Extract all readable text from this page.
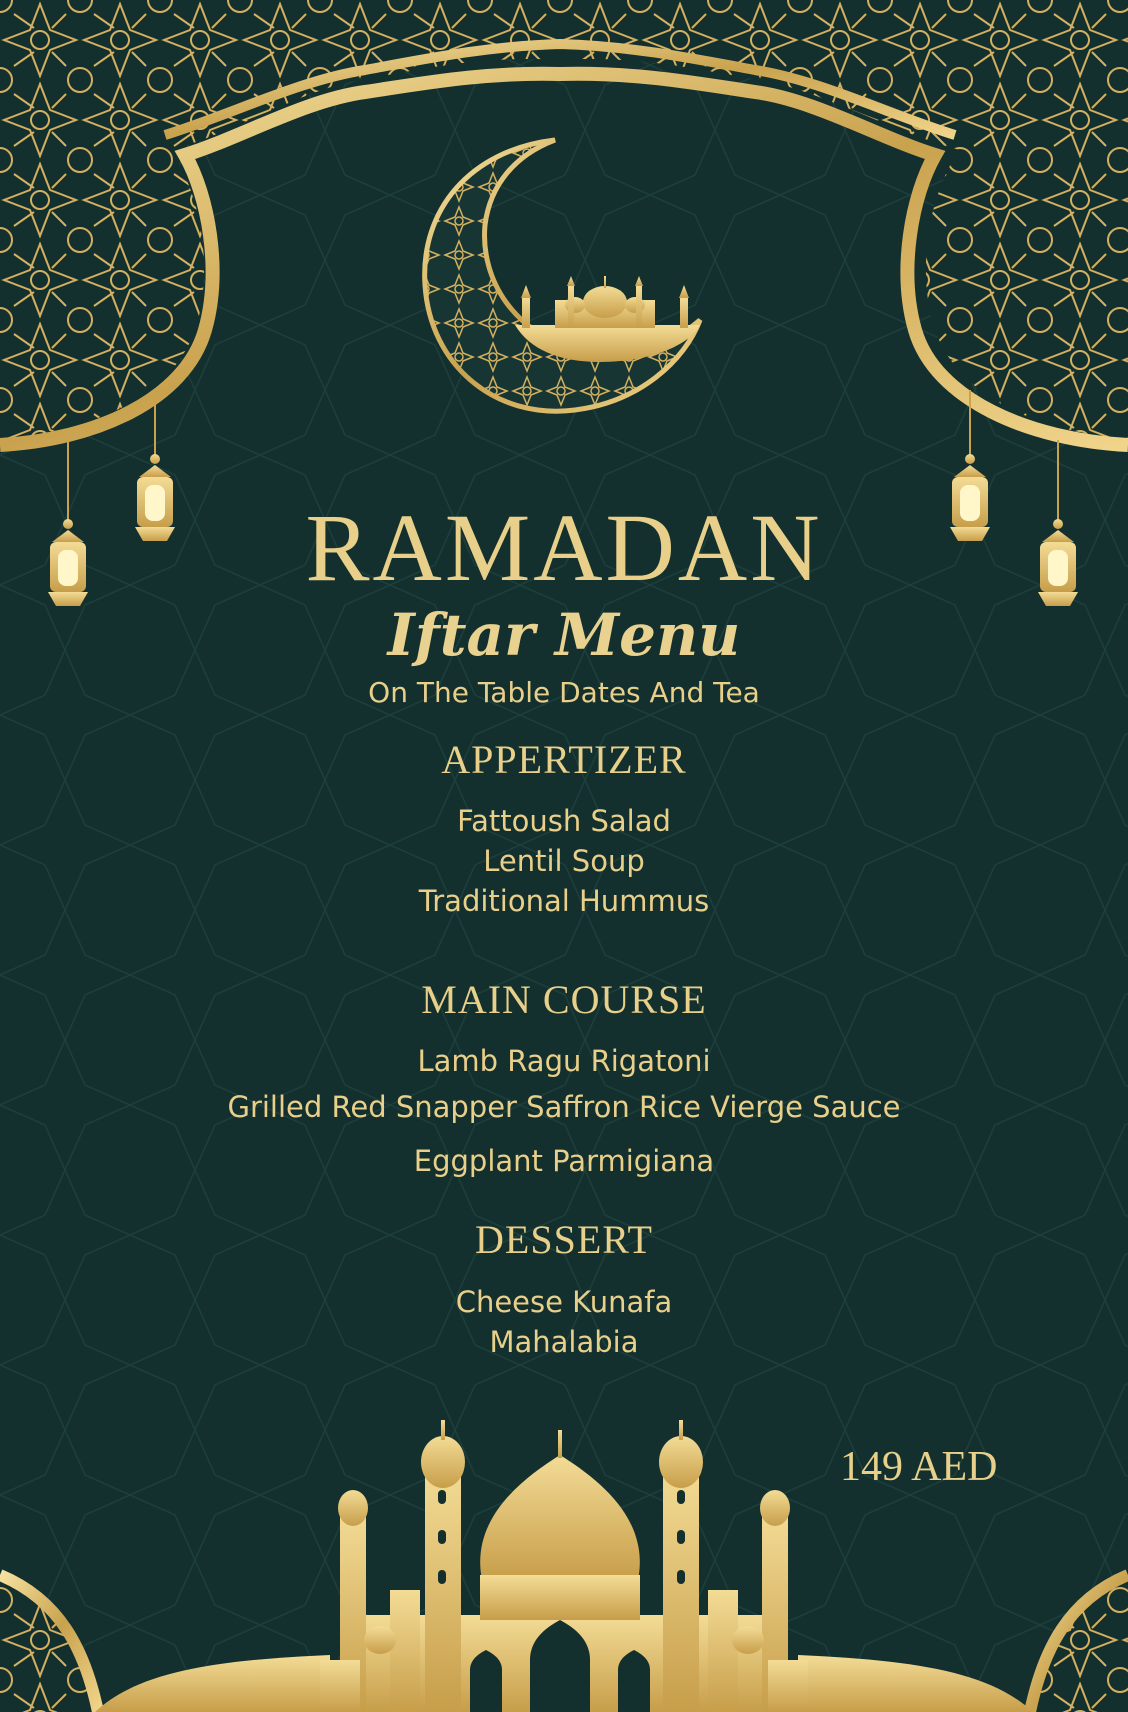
RAMADAN
Iftar Menu
On The Table Dates And Tea
APPERTIZER
Fattoush Salad
Lentil Soup
Traditional Hummus
MAIN COURSE
Lamb Ragu Rigatoni
Grilled Red Snapper Saffron Rice Vierge Sauce
Eggplant Parmigiana
DESSERT
Cheese Kunafa
Mahalabia
149 AED
